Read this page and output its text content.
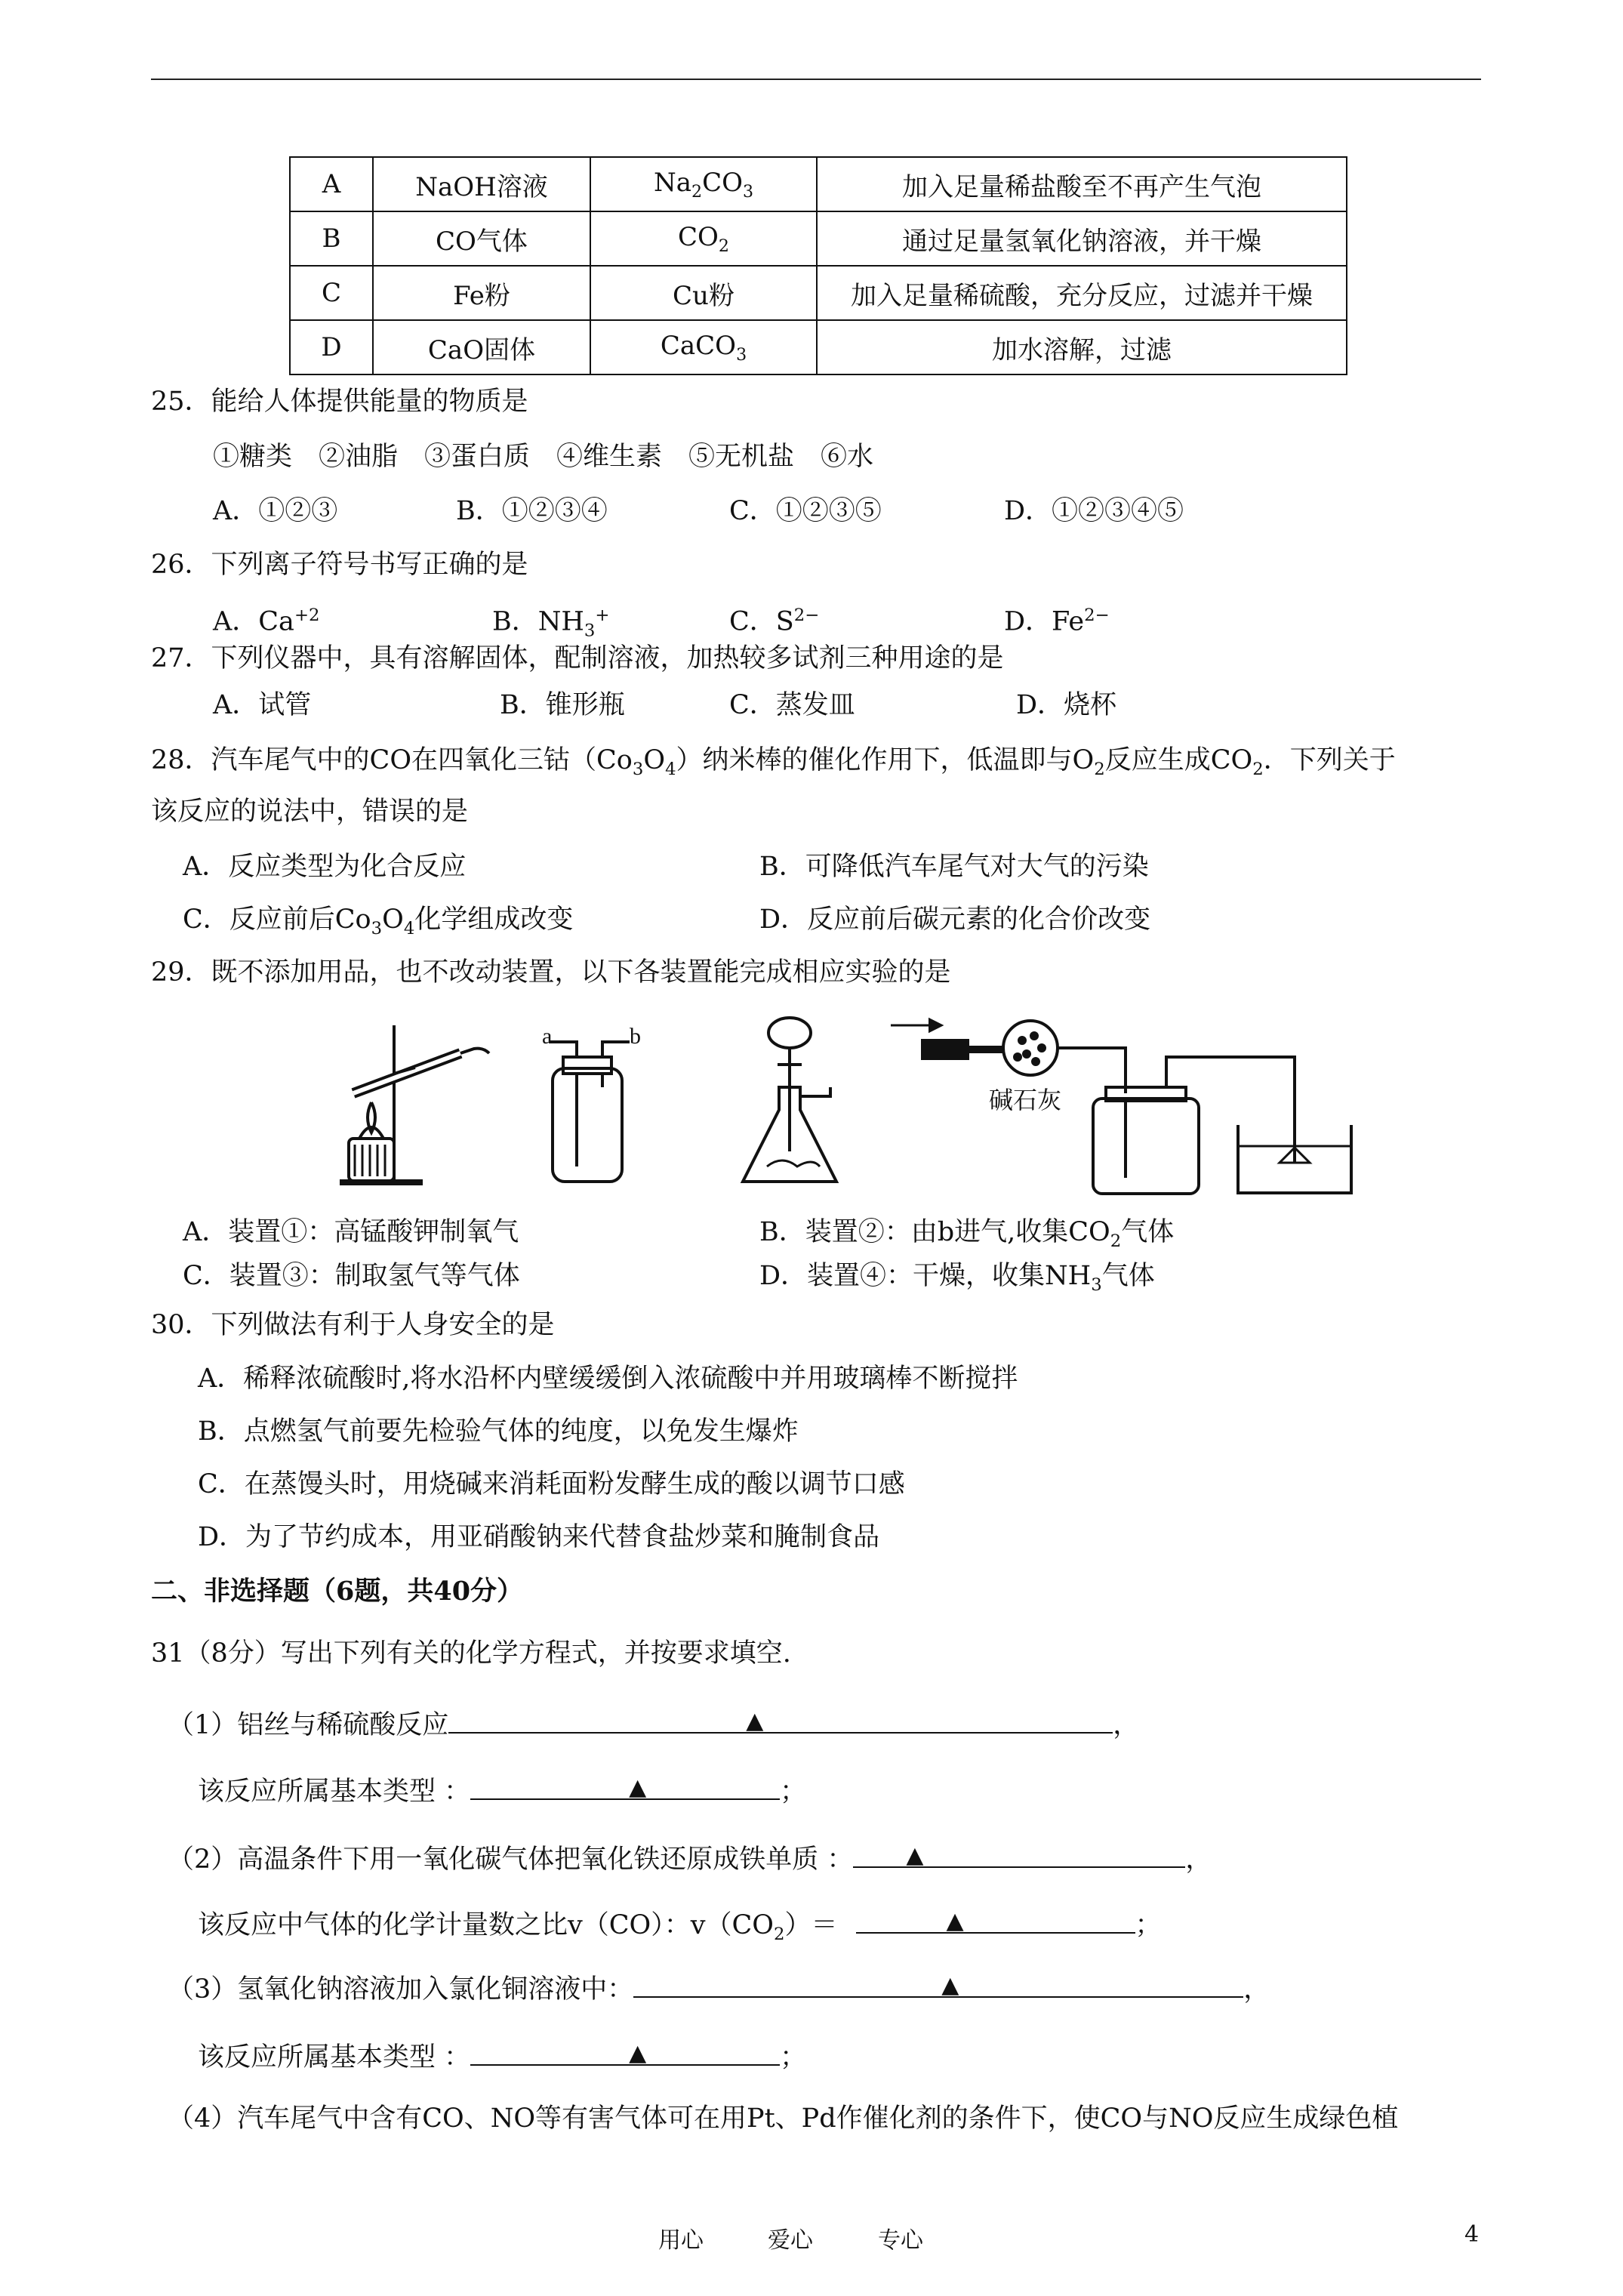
A	NaOH溶液	$Na_2CO_3$	加入足量稀盐酸至不再产生气泡
B	CO气体	$CO_2$	通过足量氢氧化钠溶液，并干燥
C	Fe粉	Cu粉	加入足量稀硫酸，充分反应，过滤并干燥
D	CaO固体	CaCO$_3$	加水溶解，过滤
25．能给人体提供能量的物质是
①糖类　②油脂　③蛋白质　④维生素　⑤无机盐　⑥水
A．①②③	B．①②③④	C．①②③⑤	D．①②③④⑤
26．下列离子符号书写正确的是
A．$Ca^{+2}$	B．$NH_3^+$	C．$S^{2-}$	D．$Fe^{2-}$
27．下列仪器中，具有溶解固体，配制溶液，加热较多试剂三种用途的是
A．试管	B．锥形瓶	C．蒸发皿	D．烧杯
28．汽车尾气中的CO在四氧化三钴$(Co_3O_4)$纳米棒的催化作用下，低温即与$O_2$反应生成$CO_2$．下列关于
该反应的说法中，错误的是
A．反应类型为化合反应	B．可降低汽车尾气对大气的污染
C．反应前后$Co_3O_4$化学组成改变	D．反应前后碳元素的化合价改变
29．既不添加用品，也不改动装置，以下各装置能完成相应实验的是
a	b
碱石灰
A．装置①：高锰酸钾制氧气	B．装置②：由b进气,收集$CO_2$气体
C．装置③：制取氢气等气体	D．装置④：干燥，收集$NH_3$气体
30．下列做法有利于人身安全的是
A．稀释浓硫酸时,将水沿杯内壁缓缓倒入浓硫酸中并用玻璃棒不断搅拌
B．点燃氢气前要先检验气体的纯度，以免发生爆炸
C．在蒸馒头时，用烧碱来消耗面粉发酵生成的酸以调节口感
D．为了节约成本，用亚硝酸钠来代替食盐炒菜和腌制食品
二、非选择题（6题，共40分）
31（8分）写出下列有关的化学方程式，并按要求填空.
（1）铝丝与稀硫酸反应	▲	，
该反应所属基本类型 ：	▲	；
（2）高温条件下用一氧化碳气体把氧化铁还原成铁单质 ： ▲	，
该反应中气体的化学计量数之比v（CO）：$v(CO_2)=$	▲	；
（3）氢氧化钠溶液加入氯化铜溶液中：	▲	，
该反应所属基本类型 ：	▲	；
（4）汽车尾气中含有CO、NO等有害气体可在用Pt、Pd作催化剂的条件下，使CO与NO反应生成绿色植
用心	爱心	专心	4
